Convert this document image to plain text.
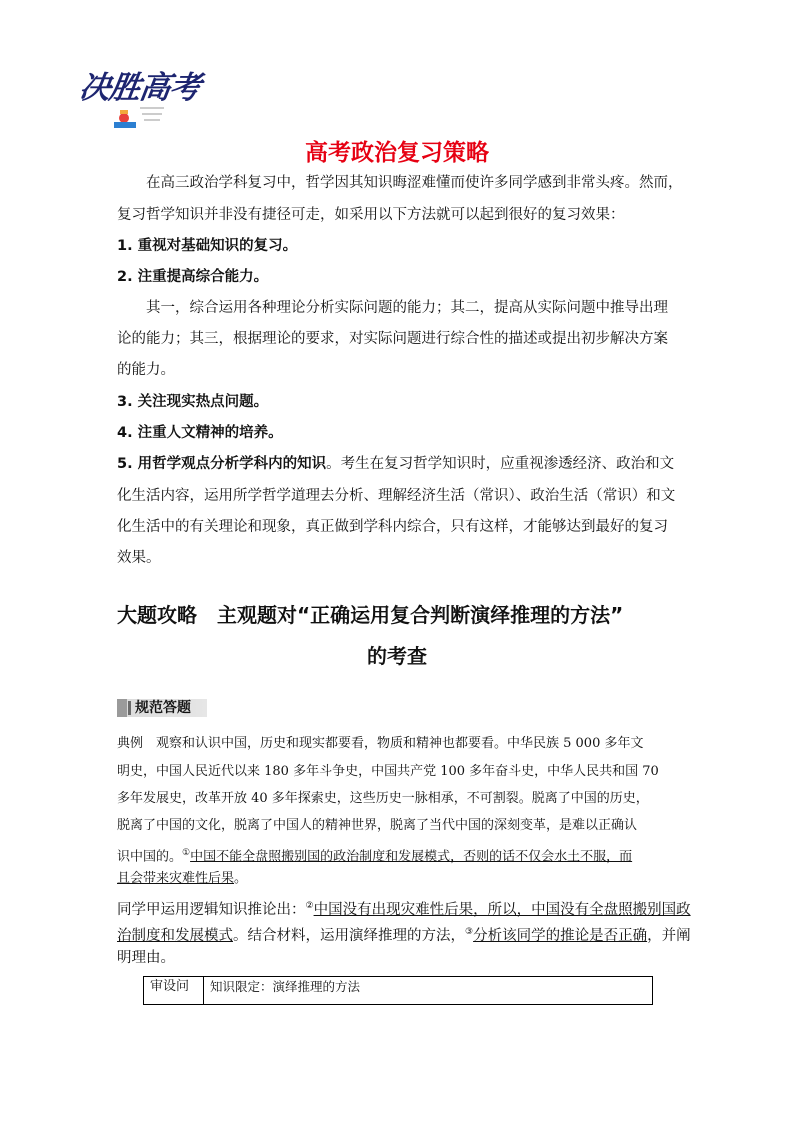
决胜高考
高考政治复习策略
在高三政治学科复习中，哲学因其知识晦涩难懂而使许多同学感到非常头疼。然而，
复习哲学知识并非没有捷径可走，如采用以下方法就可以起到很好的复习效果：
1. 重视对基础知识的复习。
2. 注重提高综合能力。
其一，综合运用各种理论分析实际问题的能力；其二，提高从实际问题中推导出理
论的能力；其三，根据理论的要求，对实际问题进行综合性的描述或提出初步解决方案
的能力。
3. 关注现实热点问题。
4. 注重人文精神的培养。
5. 用哲学观点分析学科内的知识。考生在复习哲学知识时，应重视渗透经济、政治和文
化生活内容，运用所学哲学道理去分析、理解经济生活（常识）、政治生活（常识）和文
化生活中的有关理论和现象，真正做到学科内综合，只有这样，才能够达到最好的复习
效果。
大题攻略　主观题对“正确运用复合判断演绎推理的方法”
的考查
规范答题
典例　观察和认识中国，历史和现实都要看，物质和精神也都要看。中华民族 5 000 多年文
明史，中国人民近代以来 180 多年斗争史，中国共产党 100 多年奋斗史，中华人民共和国 70
多年发展史，改革开放 40 多年探索史，这些历史一脉相承，不可割裂。脱离了中国的历史，
脱离了中国的文化，脱离了中国人的精神世界，脱离了当代中国的深刻变革，是难以正确认
识中国的。①中国不能全盘照搬别国的政治制度和发展模式，否则的话不仅会水土不服，而
且会带来灾难性后果。
同学甲运用逻辑知识推论出：②中国没有出现灾难性后果，所以，中国没有全盘照搬别国政
治制度和发展模式。结合材料，运用演绎推理的方法，③分析该同学的推论是否正确，并阐
明理由。
审设问	知识限定：演绎推理的方法
